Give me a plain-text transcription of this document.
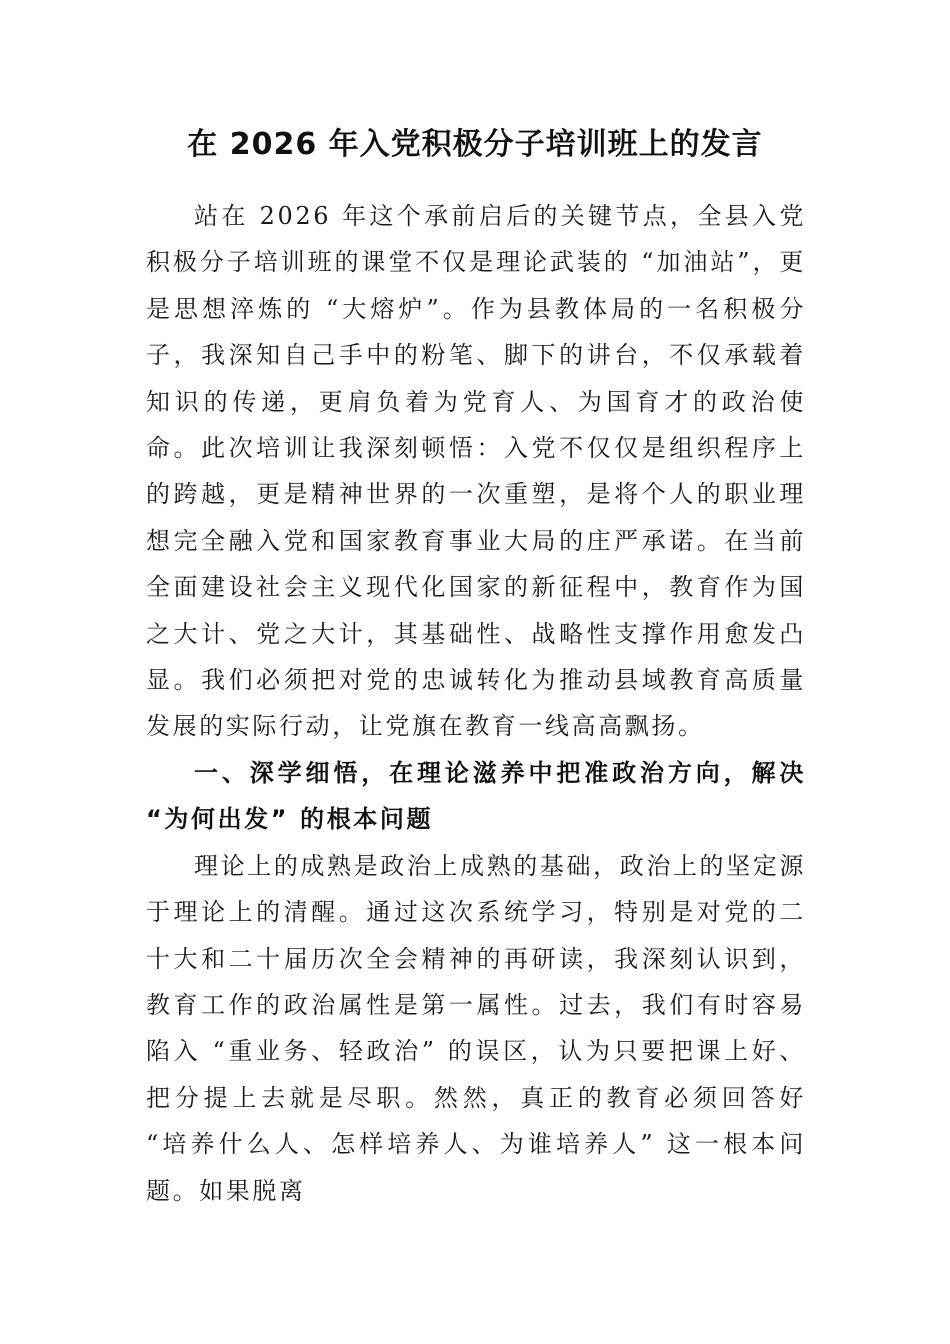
在 2026 年入党积极分子培训班上的发言

站在 2026 年这个承前启后的关键节点，全县入党积极分子培训班的课堂不仅是理论武装的 “加油站”，更是思想淬炼的 “大熔炉”。作为县教体局的一名积极分子，我深知自己手中的粉笔、脚下的讲台，不仅承载着知识的传递，更肩负着为党育人、为国育才的政治使命。此次培训让我深刻顿悟：入党不仅仅是组织程序上的跨越，更是精神世界的一次重塑，是将个人的职业理想完全融入党和国家教育事业大局的庄严承诺。在当前全面建设社会主义现代化国家的新征程中，教育作为国之大计、党之大计，其基础性、战略性支撑作用愈发凸显。我们必须把对党的忠诚转化为推动县域教育高质量发展的实际行动，让党旗在教育一线高高飘扬。

一、深学细悟，在理论滋养中把准政治方向，解决 “为何出发” 的根本问题

理论上的成熟是政治上成熟的基础，政治上的坚定源于理论上的清醒。通过这次系统学习，特别是对党的二十大和二十届历次全会精神的再研读，我深刻认识到，教育工作的政治属性是第一属性。过去，我们有时容易陷入 “重业务、轻政治” 的误区，认为只要把课上好、把分提上去就是尽职。然然，真正的教育必须回答好 “培养什么人、怎样培养人、为谁培养人” 这一根本问题。如果脱离
